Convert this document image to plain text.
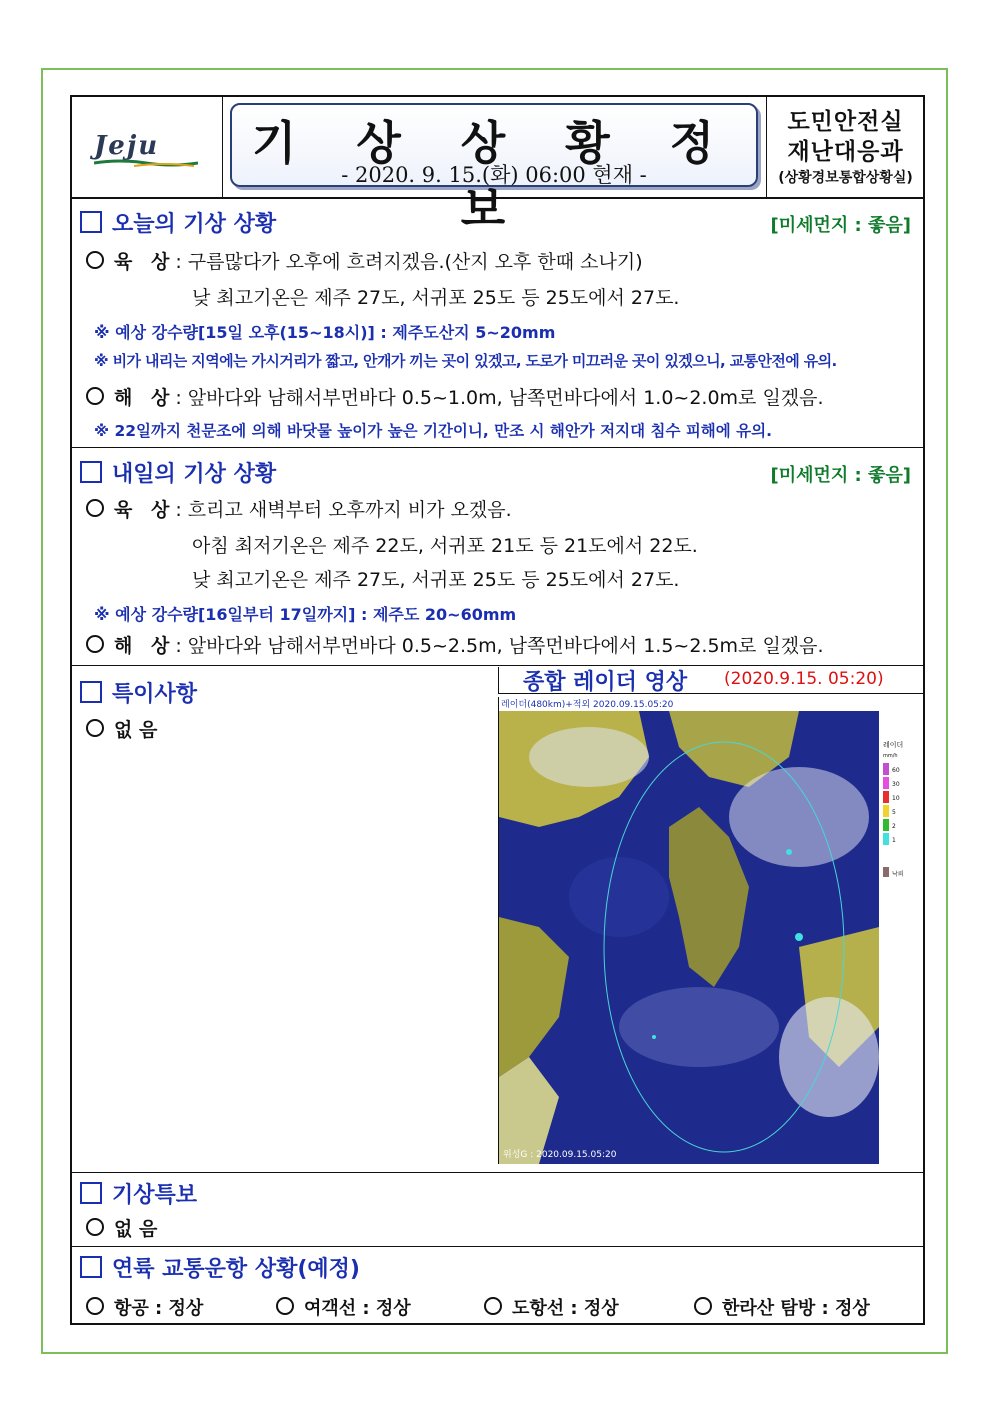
Jeju	기 상 상 황 정 보
- 2020. 9. 15.(화) 06:00 현재 -
도민안전실
재난대응과
(상황경보통합상황실)
오늘의 기상 상황	[미세먼지 : 좋음]
육 상: 구름많다가 오후에 흐려지겠음.(산지 오후 한때 소나기)
낮 최고기온은 제주 27도, 서귀포 25도 등 25도에서 27도.
※ 예상 강수량[15일 오후(15~18시)] : 제주도산지 5~20mm
※ 비가 내리는 지역에는 가시거리가 짧고, 안개가 끼는 곳이 있겠고, 도로가 미끄러운 곳이 있겠으니, 교통안전에 유의.
해 상: 앞바다와 남해서부먼바다 0.5~1.0m, 남쪽먼바다에서 1.0~2.0m로 일겠음.
※ 22일까지 천문조에 의해 바닷물 높이가 높은 기간이니, 만조 시 해안가 저지대 침수 피해에 유의.
내일의 기상 상황	[미세먼지 : 좋음]
육 상: 흐리고 새벽부터 오후까지 비가 오겠음.
아침 최저기온은 제주 22도, 서귀포 21도 등 21도에서 22도.
낮 최고기온은 제주 27도, 서귀포 25도 등 25도에서 27도.
※ 예상 강수량[16일부터 17일까지] : 제주도 20~60mm
해 상: 앞바다와 남해서부먼바다 0.5~2.5m, 남쪽먼바다에서 1.5~2.5m로 일겠음.
특이사항
없 음
종합 레이더 영상 (2020.9.15. 05:20)
레이더(480km)+적외 2020.09.15.05:20
레이더
mm/h
60
30
10
5
2
1
낙뢰
위성G : 2020.09.15.05:20
기상특보
없 음
연륙 교통운항 상황(예정)
항공 : 정상	여객선 : 정상	도항선 : 정상	한라산 탐방 : 정상
